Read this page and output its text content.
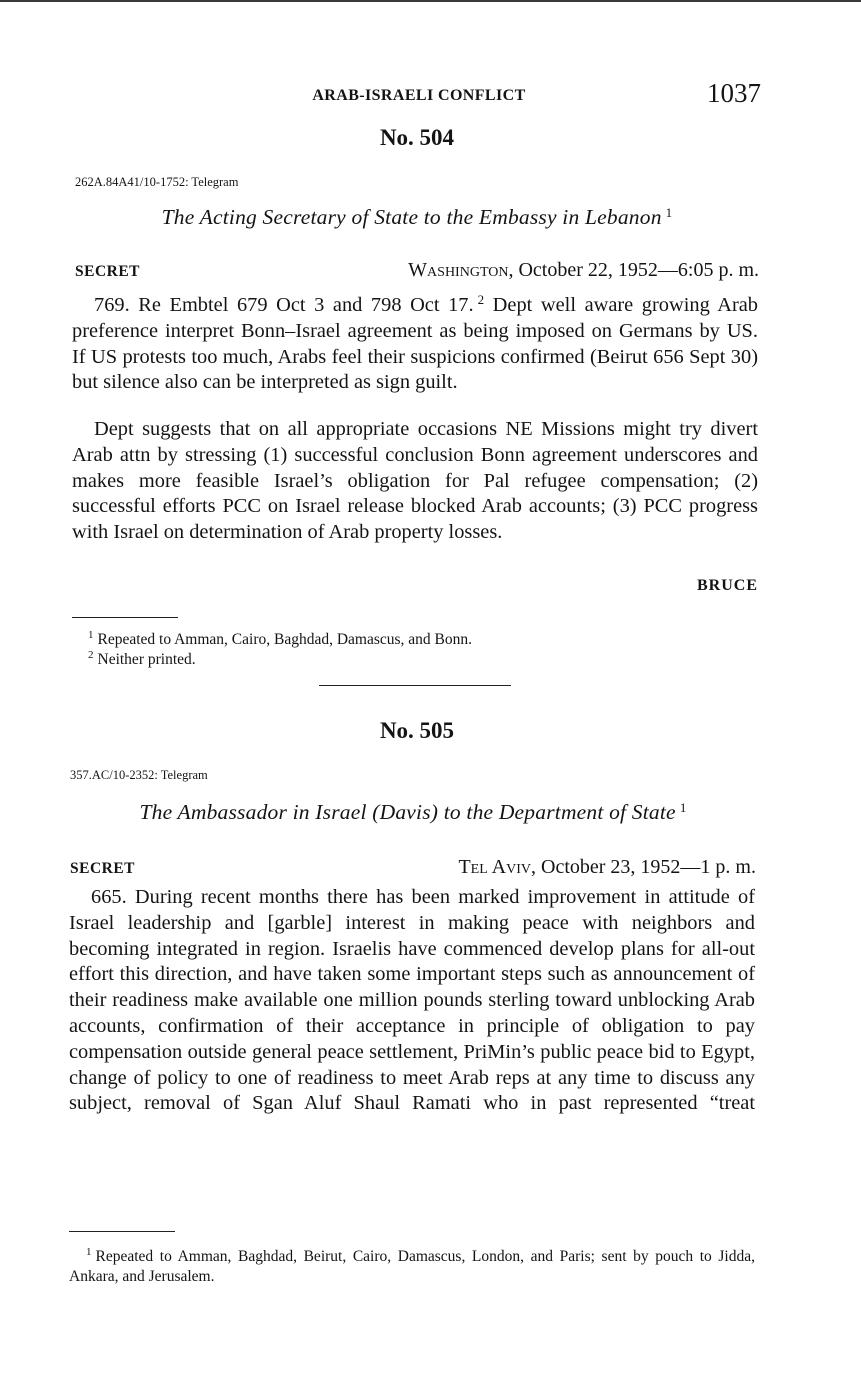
ARAB-ISRAELI CONFLICT	1037
No. 504
262A.84A41/10-1752: Telegram
The Acting Secretary of State to the Embassy in Lebanon $^1$
SECRET	Washington, October 22, 1952—6:05 p. m.

769. Re Embtel 679 Oct 3 and 798 Oct 17. $^2$ Dept well aware growing Arab preference interpret Bonn–Israel agreement as being imposed on Germans by US. If US protests too much, Arabs feel their suspicions confirmed (Beirut 656 Sept 30) but silence also can be interpreted as sign guilt.

Dept suggests that on all appropriate occasions NE Missions might try divert Arab attn by stressing (1) successful conclusion Bonn agreement underscores and makes more feasible Israel’s obligation for Pal refugee compensation; (2) successful efforts PCC on Israel release blocked Arab accounts; (3) PCC progress with Israel on determination of Arab property losses.

BRUCE
$^1$ Repeated to Amman, Cairo, Baghdad, Damascus, and Bonn.
$^2$ Neither printed.
No. 505
357.AC/10-2352: Telegram
The Ambassador in Israel (Davis) to the Department of State $^1$
SECRET	Tel Aviv, October 23, 1952—1 p. m.

665. During recent months there has been marked improvement in attitude of Israel leadership and [garble] interest in making peace with neighbors and becoming integrated in region. Israelis have commenced develop plans for all-out effort this direction, and have taken some important steps such as announcement of their readiness make available one million pounds sterling toward unblocking Arab accounts, confirmation of their acceptance in principle of obligation to pay compensation outside general peace settlement, PriMin’s public peace bid to Egypt, change of policy to one of readiness to meet Arab reps at any time to discuss any subject, removal of Sgan Aluf Shaul Ramati who in past represented “treat

$^1$ Repeated to Amman, Baghdad, Beirut, Cairo, Damascus, London, and Paris; sent by pouch to Jidda, Ankara, and Jerusalem.
